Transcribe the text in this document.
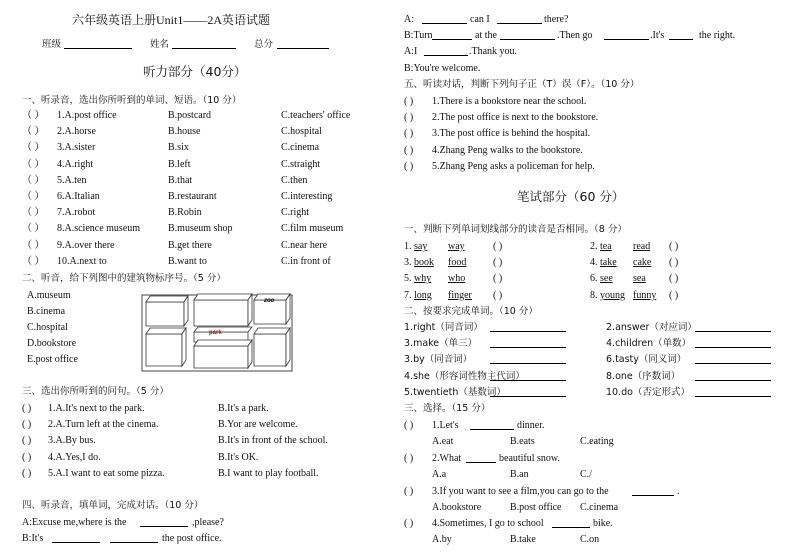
六年级英语上册Unit1——2A英语试题
班级	姓名	总分
听力部分（40分）
一、听录音，选出你所听到的单词、短语。（10 分）
（ ） 1.A.post office	B.postcard	C.teachers' office
（ ） 2.A.horse	B.house	C.hospital
（ ） 3.A.sister	B.six	C.cinema
（ ） 4.A.right	B.left	C.straight
（ ） 5.A.ten	B.that	C.then
（ ） 6.A.Italian	B.restaurant	C.interesting
（ ） 7.A.robot	B.Robin	C.right
（ ） 8.A.science museum	B.museum shop	C.film museum
（ ） 9.A.over there	B.get there	C.near here
（ ） 10.A.next to	B.want to	C.in front of
二、听音，给下列图中的建筑物标序号。（5 分）
A.museum
B.cinema
C.hospital
D.bookstore
E.post office
zoo
park
三、选出你所听到的问句。（5 分）
( ) 1.A.It's next to the park.	B.It's a park.
( ) 2.A.Turn left at the cinema.	B.Yor are welcome.
( ) 3.A.By bus.	B.It's in front of the school.
( ) 4.A.Yes,I do.	B.It's OK.
( ) 5.A.I want to eat some pizza.	B.I want to play football.
四、听录音，填单词，完成对话。（10 分）
A:Excuse me,where is the	,please?
B:It's	the post office.
A:	can I	there?
B:Turn	at the	.Then go	.It's	the right.
A:I	.Thank you.
B:You're welcome.
五、听读对话，判断下列句子正（T）误（F）。（10 分）
( ) 1.There is a bookstore near the school.
( ) 2.The post office is next to the bookstore.
( ) 3.The post office is behind the hospital.
( ) 4.Zhang Peng walks to the bookstore.
( ) 5.Zhang Peng asks a policeman for help.
笔试部分（60 分）
一、判断下列单词划线部分的读音是否相同。（8 分）
1. say way	( )	2. tea read ( )
3. book food	( )	4. take cake ( )
5. why who	( )	6. see sea ( )
7. long finger ( )	8. young funny ( )
二、按要求完成单词。（10 分）
1.right（同音词）	2.answer（对应词）
3.make（单三）	4.children（单数）
3.by（同音词）	6.tasty（同义词）
4.she（形容词性物主代词）	8.one（序数词）
5.twentieth（基数词）	10.do（否定形式）
三、选择。（15 分）
( ) 1.Let's	dinner.
A.eat	B.eats	C.eating
( ) 2.What	beautiful snow.
A.a	B.an	C./
( ) 3.If you want to see a film,you can go to the	.
A.bookstore	B.post office C.cinema
( ) 4.Sometimes, I go to school	bike.
A.by	B.take	C.on
